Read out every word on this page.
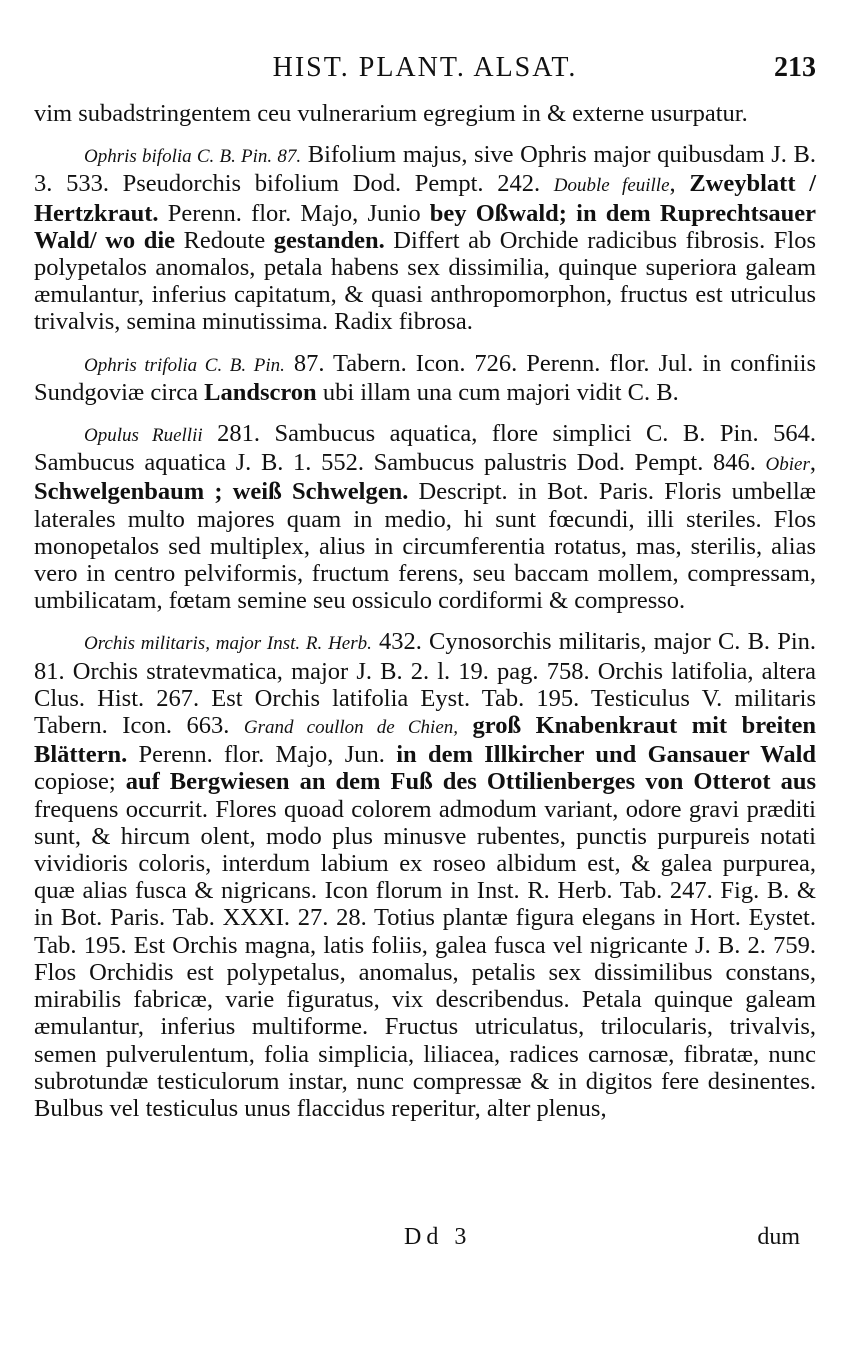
HIST. PLANT. ALSAT.	213

vim subadstringentem ceu vulnerarium egregium in & externe usurpatur.

Ophris bifolia C. B. Pin. 87. Bifolium majus, sive Ophris major quibusdam J. B. 3. 533. Pseudorchis bifolium Dod. Pempt. 242. Double feuille, Zweyblatt / Hertzkraut. Perenn. flor. Majo, Junio bey Oßwald; in dem Ruprechtsauer Wald/ wo die Redoute gestanden. Differt ab Orchide radicibus fibrosis. Flos polypetalos anomalos, petala habens sex dissimilia, quinque superiora galeam æmulantur, inferius capitatum, & quasi anthropomorphon, fructus est utriculus trivalvis, semina minutissima. Radix fibrosa.

Ophris trifolia C. B. Pin. 87. Tabern. Icon. 726. Perenn. flor. Jul. in confiniis Sundgoviæ circa Landscron ubi illam una cum majori vidit C. B.

Opulus Ruellii 281. Sambucus aquatica, flore simplici C. B. Pin. 564. Sambucus aquatica J. B. 1. 552. Sambucus palustris Dod. Pempt. 846. Obier, Schwelgenbaum ; weiß Schwelgen. Descript. in Bot. Paris. Floris umbellæ laterales multo majores quam in medio, hi sunt fœcundi, illi steriles. Flos monopetalos sed multiplex, alius in circumferentia rotatus, mas, sterilis, alias vero in centro pelviformis, fructum ferens, seu baccam mollem, compressam, umbilicatam, fœtam semine seu ossiculo cordiformi & compresso.

Orchis militaris, major Inst. R. Herb. 432. Cynosorchis militaris, major C. B. Pin. 81. Orchis stratevmatica, major J. B. 2. l. 19. pag. 758. Orchis latifolia, altera Clus. Hist. 267. Est Orchis latifolia Eyst. Tab. 195. Testiculus V. militaris Tabern. Icon. 663. Grand coullon de Chien, groß Knabenkraut mit breiten Blättern. Perenn. flor. Majo, Jun. in dem Illkircher und Gansauer Wald copiose; auf Bergwiesen an dem Fuß des Ottilienberges von Otterot aus frequens occurrit. Flores quoad colorem admodum variant, odore gravi præditi sunt, & hircum olent, modo plus minusve rubentes, punctis purpureis notati vividioris coloris, interdum labium ex roseo albidum est, & galea purpurea, quæ alias fusca & nigricans. Icon florum in Inst. R. Herb. Tab. 247. Fig. B. & in Bot. Paris. Tab. XXXI. 27. 28. Totius plantæ figura elegans in Hort. Eystet. Tab. 195. Est Orchis magna, latis foliis, galea fusca vel nigricante J. B. 2. 759. Flos Orchidis est polypetalus, anomalus, petalis sex dissimilibus constans, mirabilis fabricæ, varie figuratus, vix describendus. Petala quinque galeam æmulantur, inferius multiforme. Fructus utriculatus, trilocularis, trivalvis, semen pulverulentum, folia simplicia, liliacea, radices carnosæ, fibratæ, nunc subrotundæ testiculorum instar, nunc compressæ & in digitos fere desinentes. Bulbus vel testiculus unus flaccidus reperitur, alter plenus,

Dd 3	dum
